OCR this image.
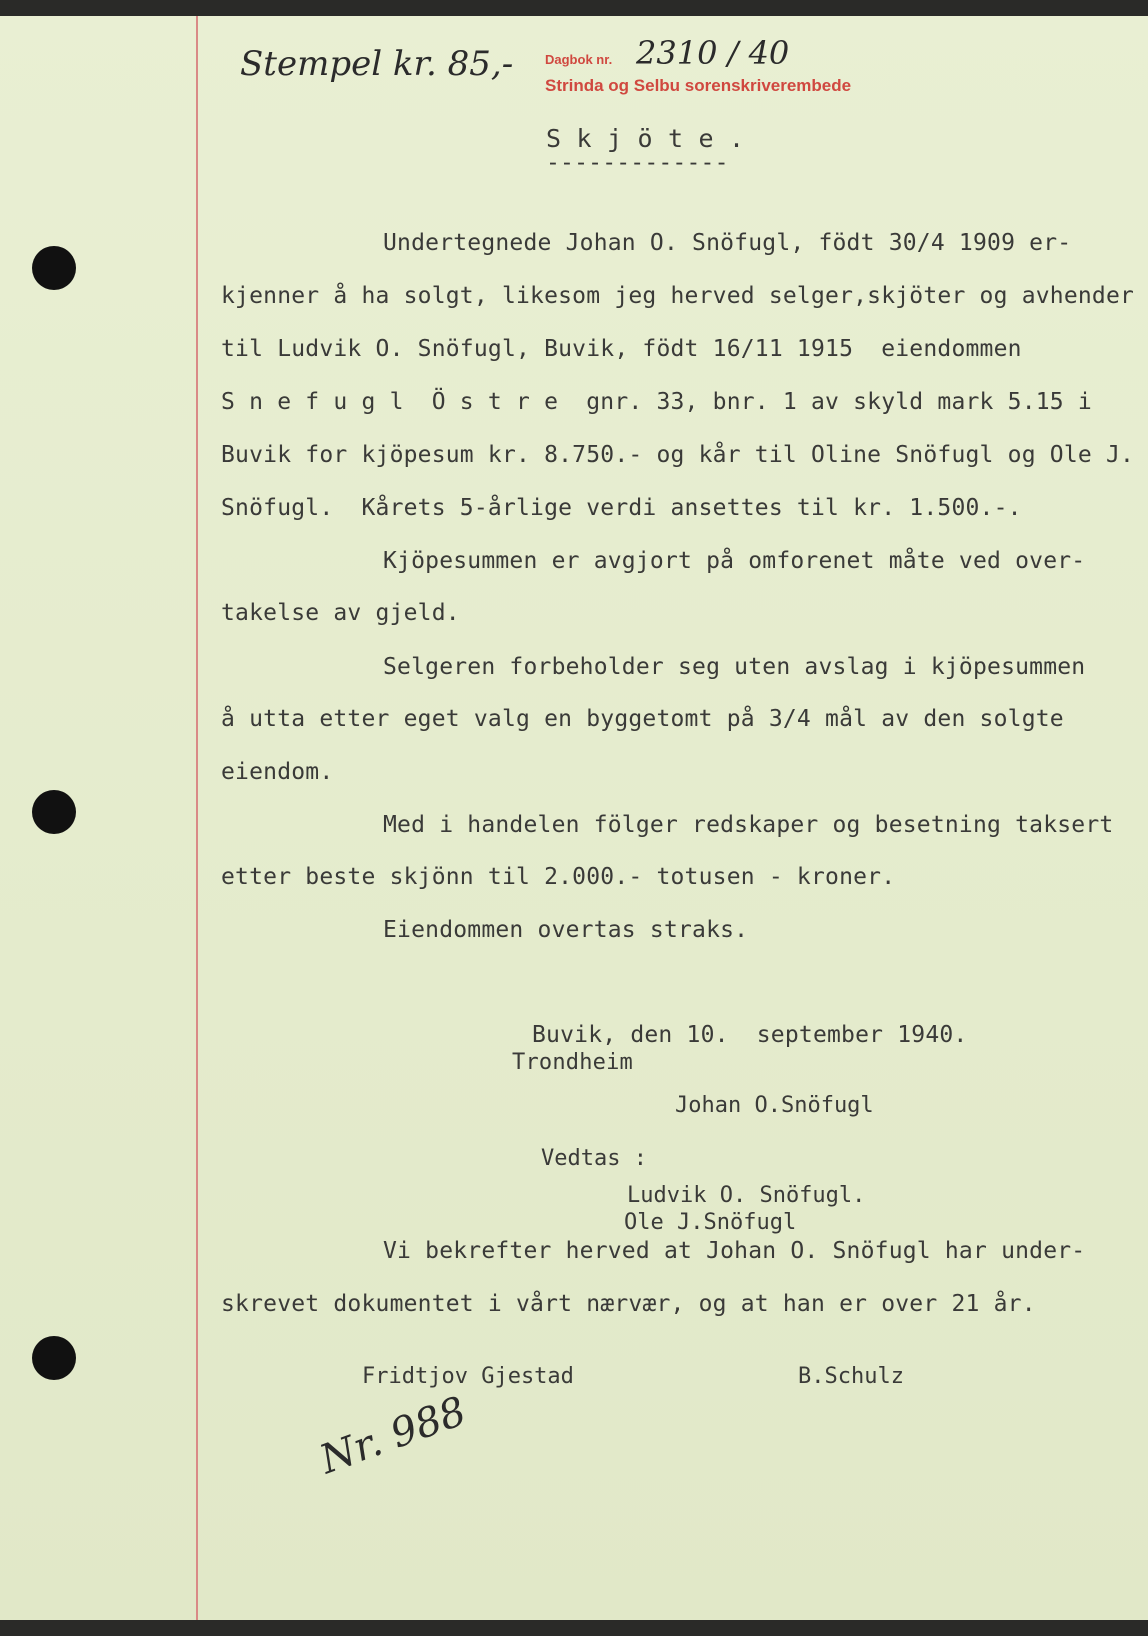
Stempel kr. 85,- Dagbok nr. 2310 / 40
Strinda og Selbu sorenskriverembede
S k j ö t e .
-------------
Undertegnede Johan O. Snöfugl, födt 30/4 1909 er-
kjenner å ha solgt, likesom jeg herved selger,skjöter og avhender
til Ludvik O. Snöfugl, Buvik, födt 16/11 1915  eiendommen
S n e f u g l  Ö s t r e  gnr. 33, bnr. 1 av skyld mark 5.15 i
Buvik for kjöpesum kr. 8.750.- og kår til Oline Snöfugl og Ole J.
Snöfugl.  Kårets 5-årlige verdi ansettes til kr. 1.500.-.
Kjöpesummen er avgjort på omforenet måte ved over-
takelse av gjeld.
Selgeren forbeholder seg uten avslag i kjöpesummen
å utta etter eget valg en byggetomt på 3/4 mål av den solgte
eiendom.
Med i handelen fölger redskaper og besetning taksert
etter beste skjönn til 2.000.- totusen - kroner.
Eiendommen overtas straks.
Buvik, den 10.  september 1940.
Trondheim
Johan O.Snöfugl
Vedtas :
Ludvik O. Snöfugl.
Ole J.Snöfugl
Vi bekrefter herved at Johan O. Snöfugl har under-
skrevet dokumentet i vårt nærvær, og at han er over 21 år.
Fridtjov Gjestad	B.Schulz
Nr. 988
